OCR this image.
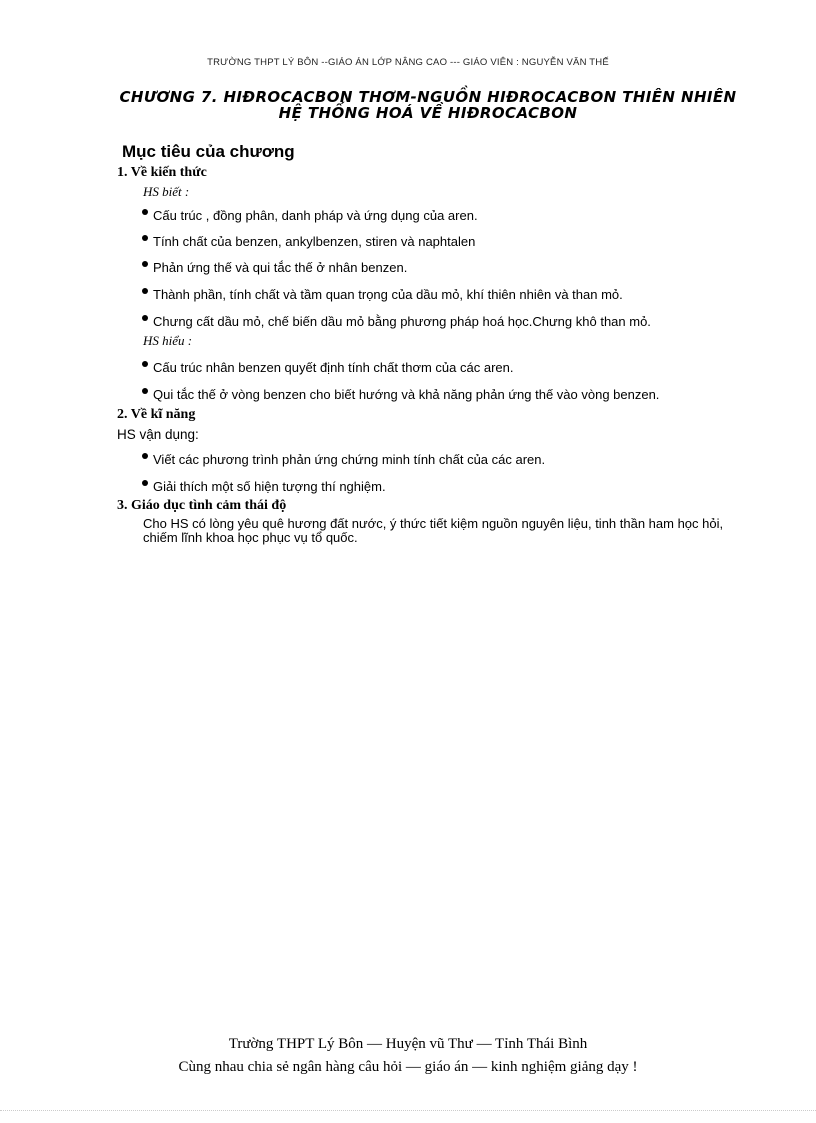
TRƯỜNG THPT LÝ BÔN --GIÁO ÁN LỚP NÂNG CAO --- GIÁO VIÊN : NGUYỄN VĂN THẾ
CHƯƠNG 7. HIĐROCACBON THƠM-NGUỒN HIĐROCACBON THIÊN NHIÊN
HỆ THỐNG HOÁ VỀ HIĐROCACBON
Mục tiêu của chương
1. Về kiến thức
HS biết :
Cấu trúc , đồng phân, danh pháp và ứng dụng của aren.
Tính chất của benzen, ankylbenzen, stiren và naphtalen
Phản ứng thế và qui tắc thế ở nhân benzen.
Thành phần, tính chất và tầm quan trọng của dầu mỏ, khí thiên nhiên và than mỏ.
Chưng cất dầu mỏ, chế biến dầu mỏ bằng phương pháp hoá học.Chưng khô than mỏ.
HS hiểu :
Cấu trúc nhân benzen quyết định tính chất thơm của các aren.
Qui tắc thế ở vòng benzen cho biết hướng và khả năng phản ứng thế vào vòng benzen.
2. Về kĩ năng
HS vận dụng:
Viết các phương trình phản ứng chứng minh tính chất của các aren.
Giải thích một số hiện tượng thí nghiệm.
3. Giáo dục tình cảm thái độ
Cho HS có lòng yêu quê hương đất nước, ý thức tiết kiệm nguồn nguyên liệu, tinh thần ham học hỏi, chiếm lĩnh khoa học phục vụ tổ quốc.
Trường THPT Lý Bôn — Huyện vũ Thư — Tỉnh Thái Bình
Cùng nhau chia sẻ ngân hàng câu hỏi — giáo án — kinh nghiệm giảng dạy !
